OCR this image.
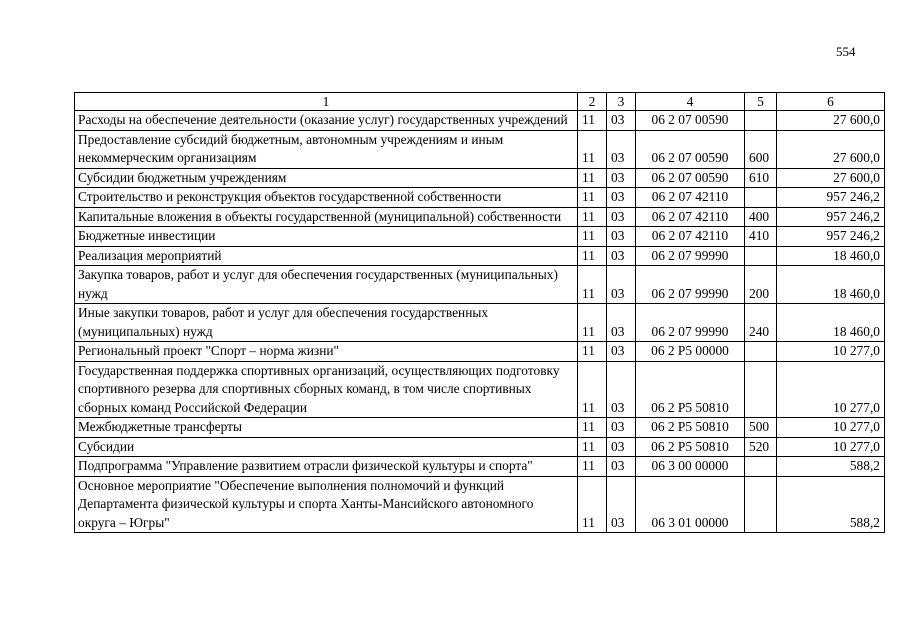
554
1	2	3	4	5	6
Расходы на обеспечение деятельности (оказание услуг) государственных учреждений	11	03	06 2 07 00590		27 600,0
Предоставление субсидий бюджетным, автономным учреждениям и иным некоммерческим организациям	11	03	06 2 07 00590	600	27 600,0
Субсидии бюджетным учреждениям	11	03	06 2 07 00590	610	27 600,0
Строительство и реконструкция объектов государственной собственности	11	03	06 2 07 42110		957 246,2
Капитальные вложения в объекты государственной (муниципальной) собственности	11	03	06 2 07 42110	400	957 246,2
Бюджетные инвестиции	11	03	06 2 07 42110	410	957 246,2
Реализация мероприятий	11	03	06 2 07 99990		18 460,0
Закупка товаров, работ и услуг для обеспечения государственных (муниципальных) нужд	11	03	06 2 07 99990	200	18 460,0
Иные закупки товаров, работ и услуг для обеспечения государственных (муниципальных) нужд	11	03	06 2 07 99990	240	18 460,0
Региональный проект "Спорт – норма жизни"	11	03	06 2 P5 00000		10 277,0
Государственная поддержка спортивных организаций, осуществляющих подготовку спортивного резерва для спортивных сборных команд, в том числе спортивных сборных команд Российской Федерации	11	03	06 2 P5 50810		10 277,0
Межбюджетные трансферты	11	03	06 2 P5 50810	500	10 277,0
Субсидии	11	03	06 2 P5 50810	520	10 277,0
Подпрограмма "Управление развитием отрасли физической культуры и спорта"	11	03	06 3 00 00000		588,2
Основное мероприятие "Обеспечение выполнения полномочий и функций Департамента физической культуры и спорта Ханты-Мансийского автономного округа – Югры"	11	03	06 3 01 00000		588,2
